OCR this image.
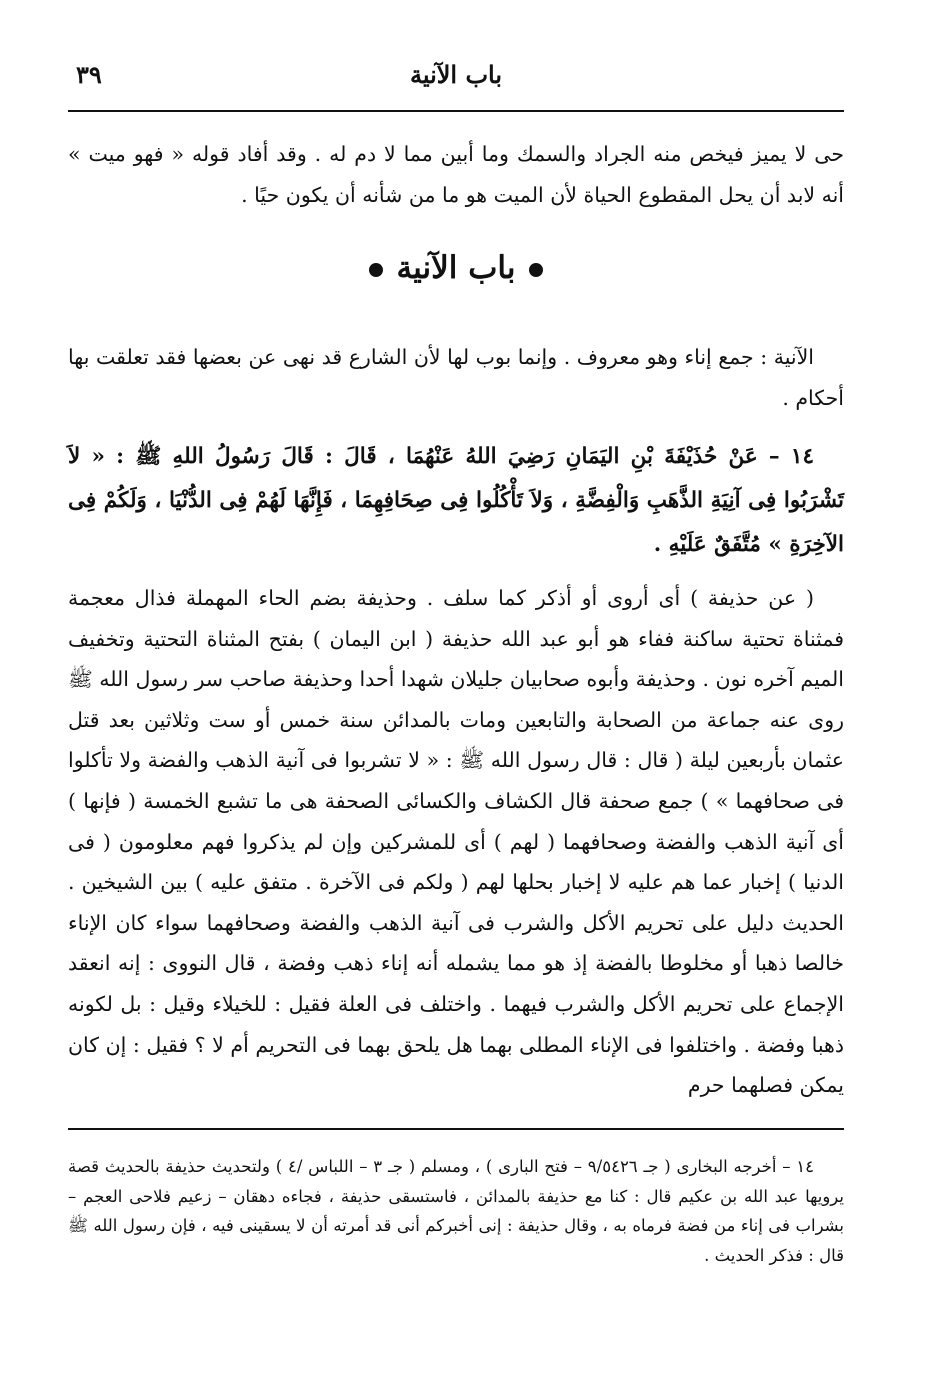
باب الآنية
٣٩

حى لا يميز فيخص منه الجراد والسمك وما أبين مما لا دم له . وقد أفاد قوله « فهو ميت » أنه لابد أن يحل المقطوع الحياة لأن الميت هو ما من شأنه أن يكون حيًا .

باب الآنية

الآنية : جمع إناء وهو معروف . وإنما بوب لها لأن الشارع قد نهى عن بعضها فقد تعلقت بها أحكام .

١٤ – عَنْ حُذَيْفَةَ بْنِ اليَمَانِ رَضِيَ اللهُ عَنْهُمَا ، قَالَ : قَالَ رَسُولُ اللهِ ﷺ : « لاَ تَشْرَبُوا فِى آنِيَةِ الذَّهَبِ وَالْفِضَّةِ ، وَلاَ تَأْكُلُوا فِى صِحَافِهِمَا ، فَإِنَّهَا لَهُمْ فِى الدُّنْيَا ، وَلَكُمْ فِى الآخِرَةِ » مُتَّفَقٌ عَلَيْهِ .

( عن حذيفة ) أى أروى أو أذكر كما سلف . وحذيفة بضم الحاء المهملة فذال معجمة فمثناة تحتية ساكنة ففاء هو أبو عبد الله حذيفة ( ابن اليمان ) بفتح المثناة التحتية وتخفيف الميم آخره نون . وحذيفة وأبوه صحابيان جليلان شهدا أحدا وحذيفة صاحب سر رسول الله ﷺ روى عنه جماعة من الصحابة والتابعين ومات بالمدائن سنة خمس أو ست وثلاثين بعد قتل عثمان بأربعين ليلة ( قال : قال رسول الله ﷺ : « لا تشربوا فى آنية الذهب والفضة ولا تأكلوا فى صحافهما » ) جمع صحفة قال الكشاف والكسائى الصحفة هى ما تشبع الخمسة ( فإنها ) أى آنية الذهب والفضة وصحافهما ( لهم ) أى للمشركين وإن لم يذكروا فهم معلومون ( فى الدنيا ) إخبار عما هم عليه لا إخبار بحلها لهم ( ولكم فى الآخرة . متفق عليه ) بين الشيخين . الحديث دليل على تحريم الأكل والشرب فى آنية الذهب والفضة وصحافهما سواء كان الإناء خالصا ذهبا أو مخلوطا بالفضة إذ هو مما يشمله أنه إناء ذهب وفضة ، قال النووى : إنه انعقد الإجماع على تحريم الأكل والشرب فيهما . واختلف فى العلة فقيل : للخيلاء وقيل : بل لكونه ذهبا وفضة . واختلفوا فى الإناء المطلى بهما هل يلحق بهما فى التحريم أم لا ؟ فقيل : إن كان يمكن فصلهما حرم

١٤ – أخرجه البخارى ( جـ ٩/٥٤٢٦ – فتح البارى ) ، ومسلم ( جـ ٣ – اللباس /٤ ) ولتحديث حذيفة بالحديث قصة يرويها عبد الله بن عكيم قال : كنا مع حذيفة بالمدائن ، فاستسقى حذيفة ، فجاءه دهقان – زعيم فلاحى العجم – بشراب فى إناء من فضة فرماه به ، وقال حذيفة : إنى أخبركم أنى قد أمرته أن لا يسقينى فيه ، فإن رسول الله ﷺ قال : فذكر الحديث .
